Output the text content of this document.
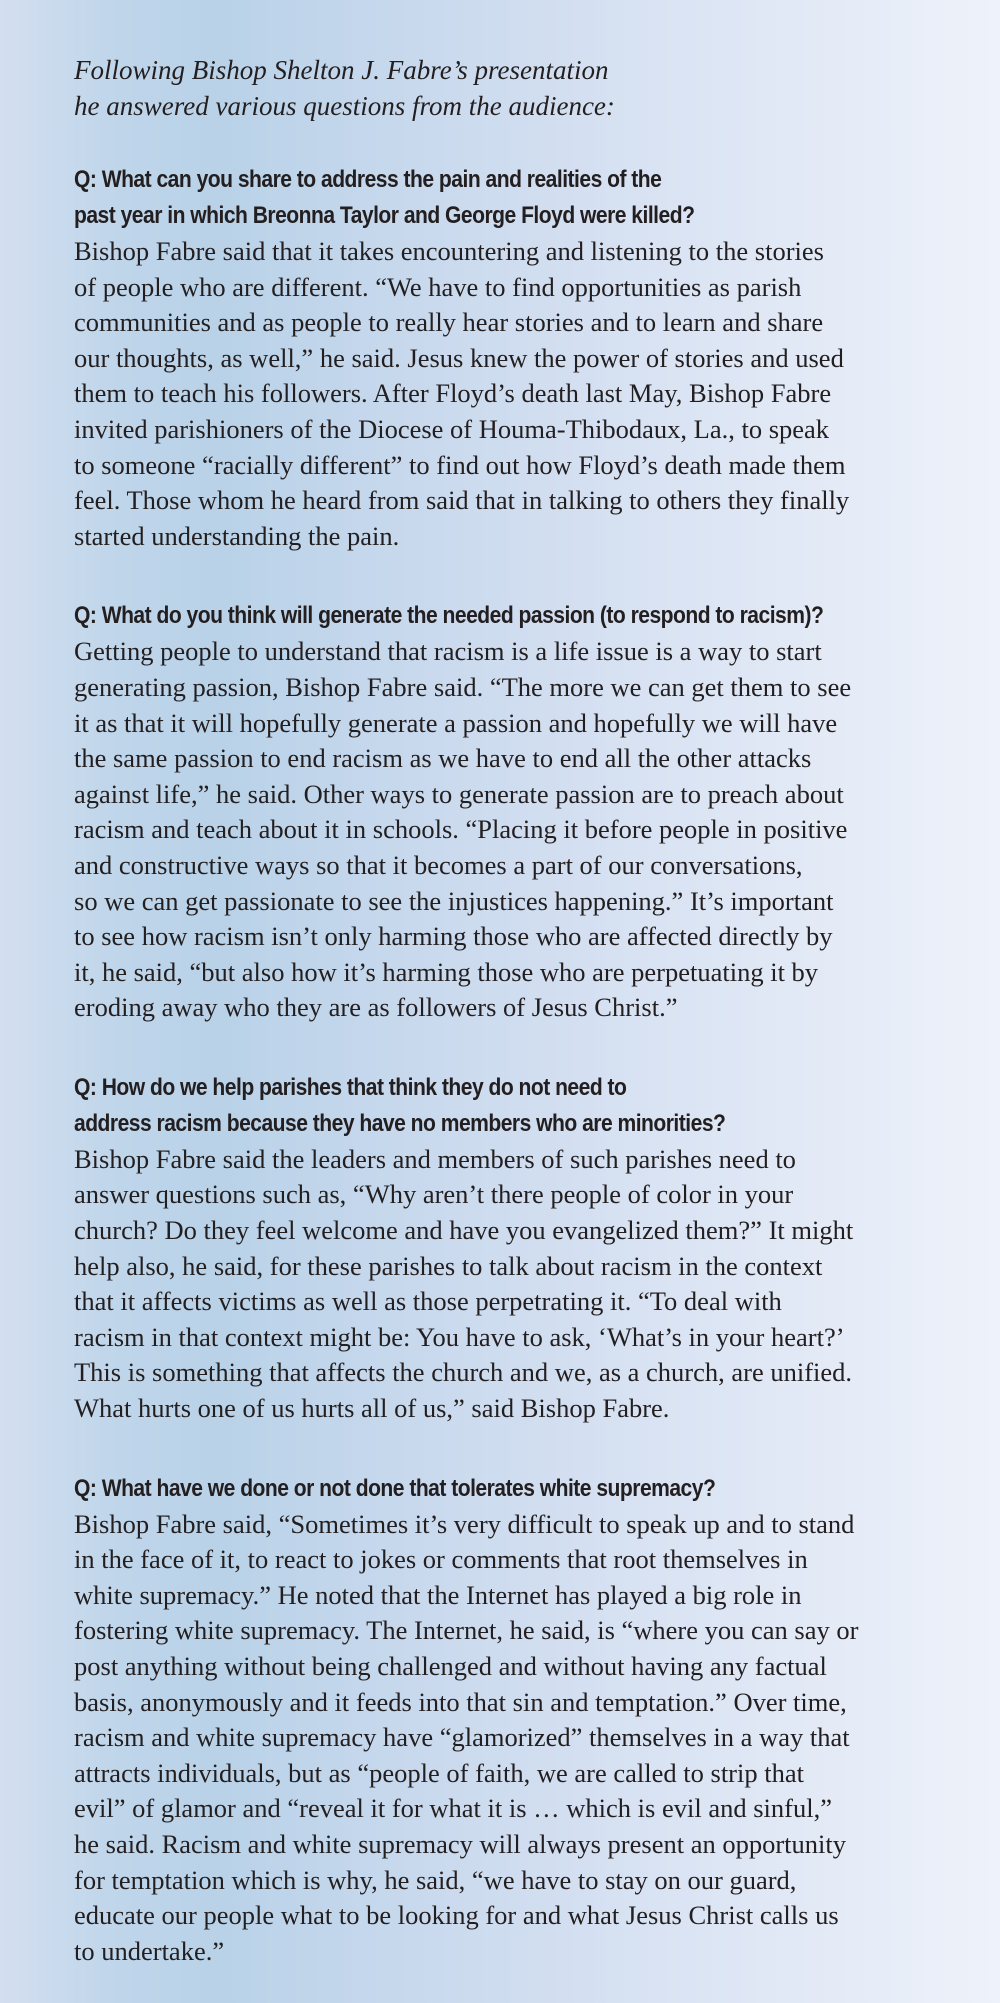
Following Bishop Shelton J. Fabre’s presentation
he answered various questions from the audience:
Q: What can you share to address the pain and realities of the
past year in which Breonna Taylor and George Floyd were killed?
Bishop Fabre said that it takes encountering and listening to the stories
of people who are different. “We have to find opportunities as parish
communities and as people to really hear stories and to learn and share
our thoughts, as well,” he said. Jesus knew the power of stories and used
them to teach his followers. After Floyd’s death last May, Bishop Fabre
invited parishioners of the Diocese of Houma-Thibodaux, La., to speak
to someone “racially different” to find out how Floyd’s death made them
feel. Those whom he heard from said that in talking to others they finally
started understanding the pain.
Q: What do you think will generate the needed passion (to respond to racism)?
Getting people to understand that racism is a life issue is a way to start
generating passion, Bishop Fabre said. “The more we can get them to see
it as that it will hopefully generate a passion and hopefully we will have
the same passion to end racism as we have to end all the other attacks
against life,” he said. Other ways to generate passion are to preach about
racism and teach about it in schools. “Placing it before people in positive
and constructive ways so that it becomes a part of our conversations,
so we can get passionate to see the injustices happening.” It’s important
to see how racism isn’t only harming those who are affected directly by
it, he said, “but also how it’s harming those who are perpetuating it by
eroding away who they are as followers of Jesus Christ.”
Q: How do we help parishes that think they do not need to
address racism because they have no members who are minorities?
Bishop Fabre said the leaders and members of such parishes need to
answer questions such as, “Why aren’t there people of color in your
church? Do they feel welcome and have you evangelized them?” It might
help also, he said, for these parishes to talk about racism in the context
that it affects victims as well as those perpetrating it. “To deal with
racism in that context might be: You have to ask, ‘What’s in your heart?’
This is something that affects the church and we, as a church, are unified.
What hurts one of us hurts all of us,” said Bishop Fabre.
Q: What have we done or not done that tolerates white supremacy?
Bishop Fabre said, “Sometimes it’s very difficult to speak up and to stand
in the face of it, to react to jokes or comments that root themselves in
white supremacy.” He noted that the Internet has played a big role in
fostering white supremacy. The Internet, he said, is “where you can say or
post anything without being challenged and without having any factual
basis, anonymously and it feeds into that sin and temptation.” Over time,
racism and white supremacy have “glamorized” themselves in a way that
attracts individuals, but as “people of faith, we are called to strip that
evil” of glamor and “reveal it for what it is … which is evil and sinful,”
he said. Racism and white supremacy will always present an opportunity
for temptation which is why, he said, “we have to stay on our guard,
educate our people what to be looking for and what Jesus Christ calls us
to undertake.”
